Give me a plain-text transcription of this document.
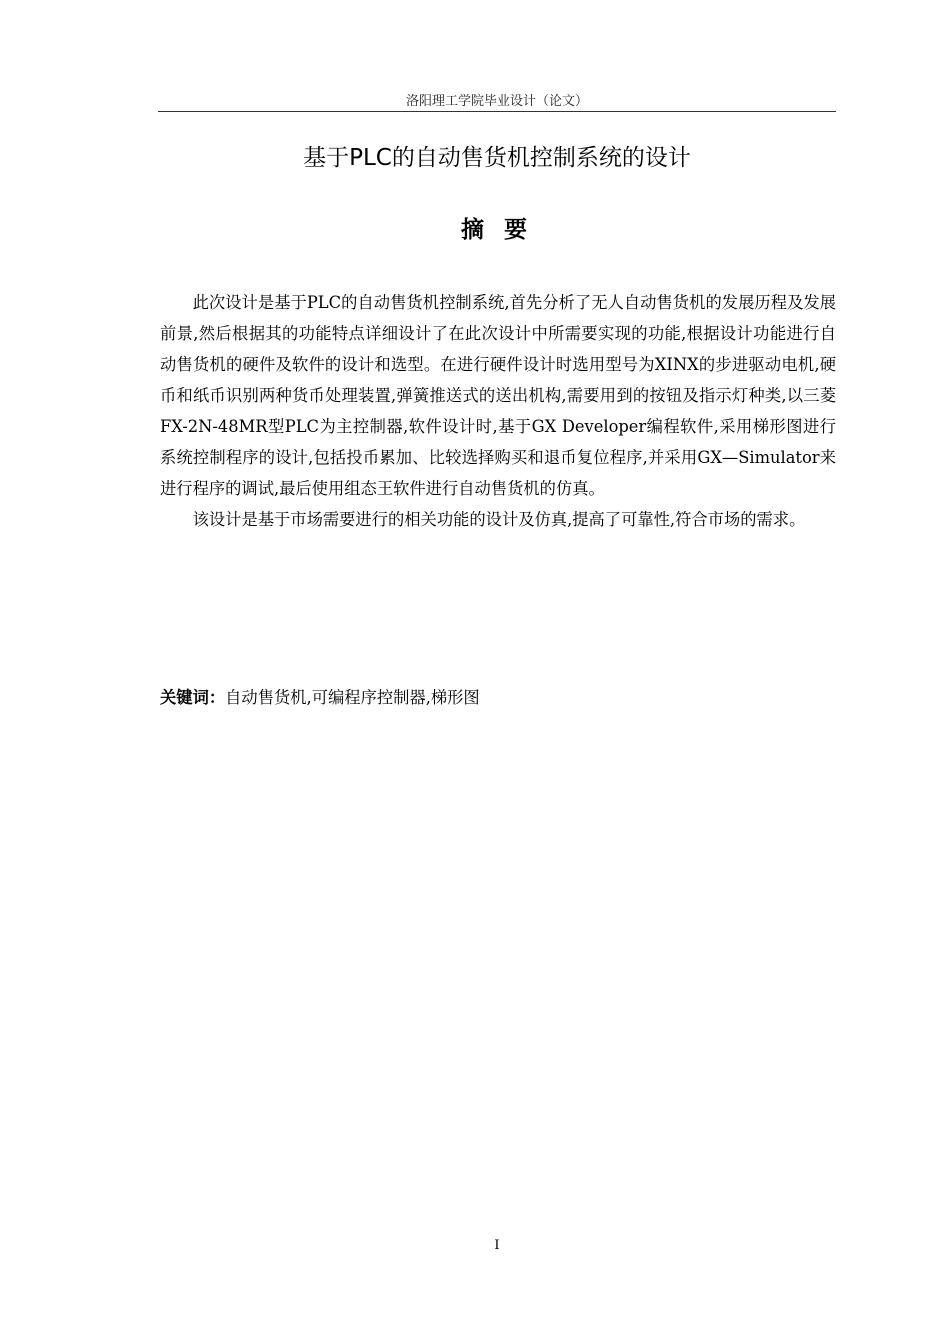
洛阳理工学院毕业设计（论文）
基于PLC的自动售货机控制系统的设计
摘 要

此次设计是基于PLC的自动售货机控制系统,首先分析了无人自动售货机的发展历程及发展前景,然后根据其的功能特点详细设计了在此次设计中所需要实现的功能,根据设计功能进行自动售货机的硬件及软件的设计和选型。在进行硬件设计时选用型号为XINX的步进驱动电机,硬币和纸币识别两种货币处理装置,弹簧推送式的送出机构,需要用到的按钮及指示灯种类,以三菱FX-2N-48MR型PLC为主控制器,软件设计时,基于GX Developer编程软件,采用梯形图进行系统控制程序的设计,包括投币累加、比较选择购买和退币复位程序,并采用GX—Simulator来进行程序的调试,最后使用组态王软件进行自动售货机的仿真。

该设计是基于市场需要进行的相关功能的设计及仿真,提高了可靠性,符合市场的需求。

关键词：自动售货机,可编程序控制器,梯形图
I
